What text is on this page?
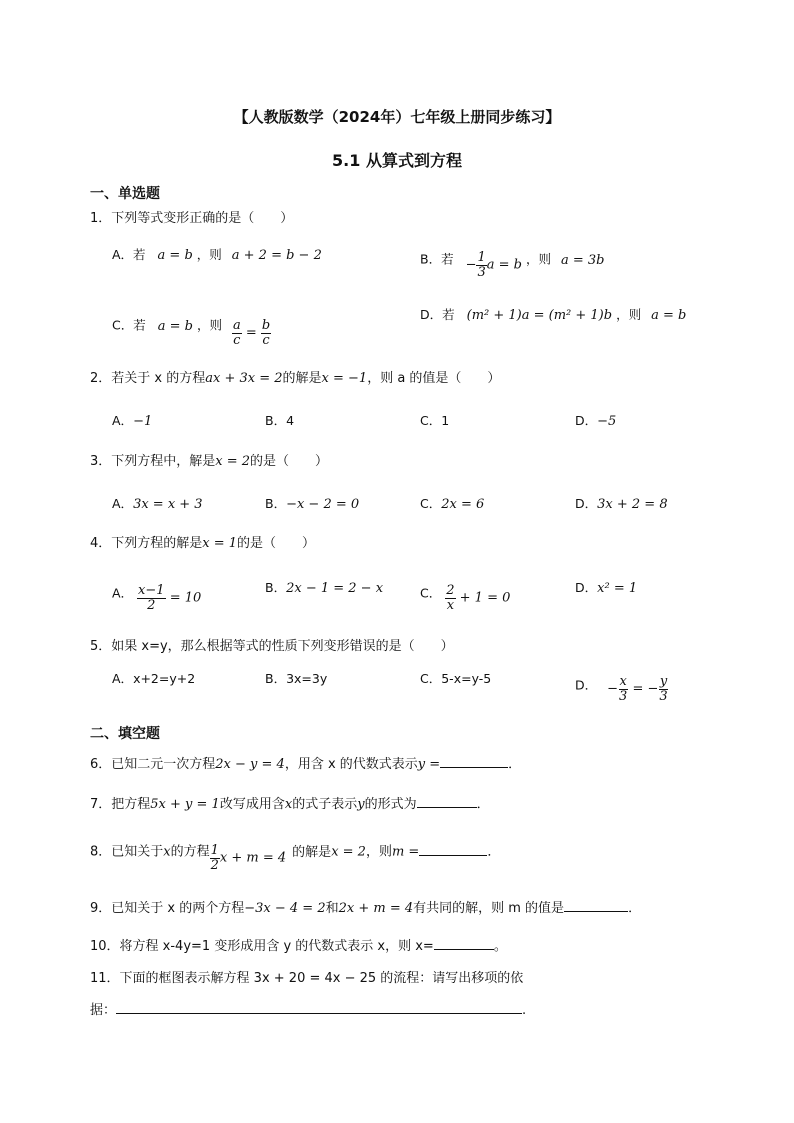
【人教版数学（2024年）七年级上册同步练习】
5.1 从算式到方程
一、单选题
1．下列等式变形正确的是（　　）
A．若 a = b ，则 a + 2 = b − 2	B．若 − $\frac{1}{3}$ a = b ，则 a = 3b
C．若 a = b ，则 $\frac{a}{c} = \frac{b}{c}$
D．若 (m² + 1)a = (m² + 1)b ，则 a = b
2．若关于 x 的方程ax + 3x = 2的解是x = −1，则 a 的值是（　　）
A．−1	B．4	C．1	D．−5
3．下列方程中，解是x = 2的是（　　）
A．3x = x + 3	B．−x − 2 = 0	C．2x = 6	D．3x + 2 = 8
4．下列方程的解是x = 1的是（　　）
A． $\frac{x-1}{2} = 10$
B．2x − 1 = 2 − x	C． $\frac{2}{x} + 1 = 0$
D．x² = 1
5．如果 x=y，那么根据等式的性质下列变形错误的是（　　）
A．x+2=y+2	B．3x=3y	C．5-x=y-5	D． − $\frac{x}{3}$ = − $\frac{y}{3}$
二、填空题
6．已知二元一次方程2x − y = 4，用含 x 的代数式表示y =	．
7．把方程5x + y = 1改写成用含x的式子表示y的形式为	．
8．已知关于x的方程 $\frac{1}{2}$ x + m = 4 的解是x = 2，则m =	．
9．已知关于 x 的两个方程−3x − 4 = 2和2x + m = 4有共同的解，则 m 的值是	．
10．将方程 x-4y=1 变形成用含 y 的代数式表示 x，则 x=	。
11．下面的框图表示解方程 3x + 20 = 4x − 25 的流程：请写出移项的依
据：	.
